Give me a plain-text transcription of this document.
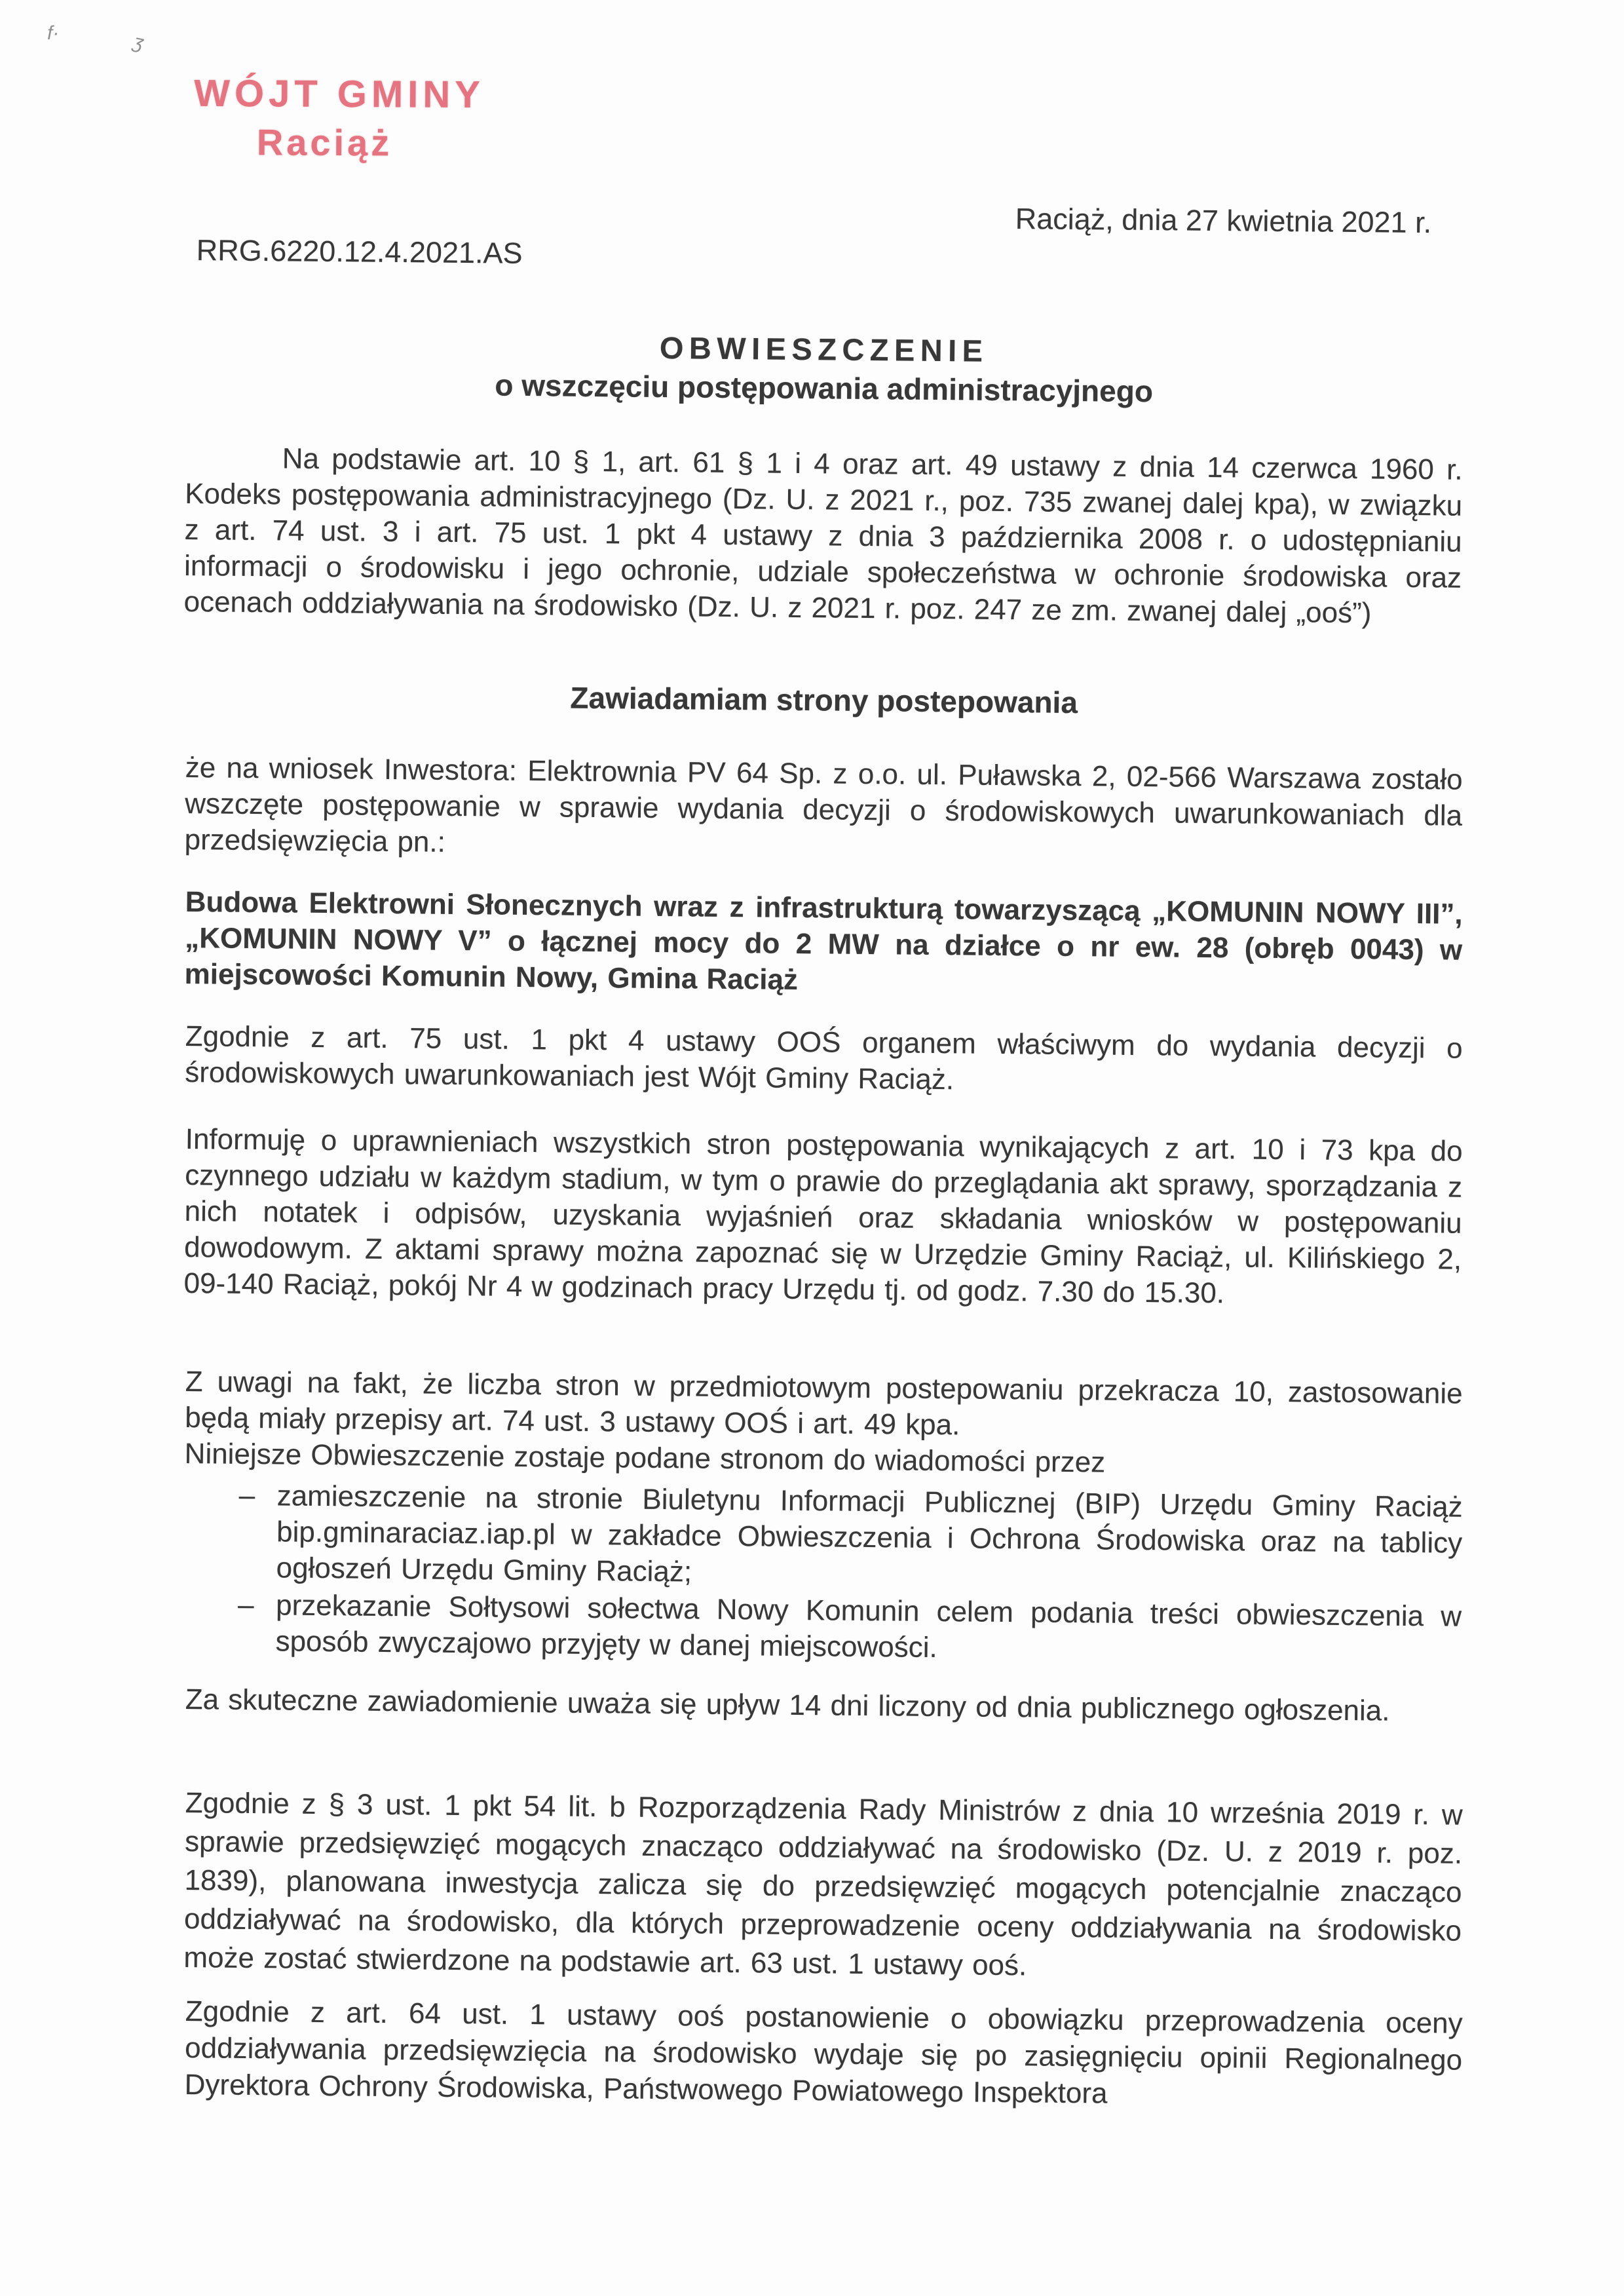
f·	ʒ
WÓJT GMINY
Raciąż
Raciąż, dnia 27 kwietnia 2021 r.
RRG.6220.12.4.2021.AS
OBWIESZCZENIE
o wszczęciu postępowania administracyjnego
Na podstawie art. 10 § 1, art. 61 § 1 i 4 oraz art. 49 ustawy z dnia 14 czerwca 1960 r. Kodeks postępowania administracyjnego (Dz. U. z 2021 r., poz. 735 zwanej dalej kpa), w związku z art. 74 ust. 3 i art. 75 ust. 1 pkt 4 ustawy z dnia 3 października 2008 r. o udostępnianiu informacji o środowisku i jego ochronie, udziale społeczeństwa w ochronie środowiska oraz ocenach oddziaływania na środowisko (Dz. U. z 2021 r. poz. 247 ze zm. zwanej dalej „ooś”)
Zawiadamiam strony postepowania
że na wniosek Inwestora: Elektrownia PV 64 Sp. z o.o. ul. Puławska 2, 02-566 Warszawa zostało wszczęte postępowanie w sprawie wydania decyzji o środowiskowych uwarunkowaniach dla przedsięwzięcia pn.:
Budowa Elektrowni Słonecznych wraz z infrastrukturą towarzyszącą „KOMUNIN NOWY III”, „KOMUNIN NOWY V” o łącznej mocy do 2 MW na działce o nr ew. 28 (obręb 0043) w miejscowości Komunin Nowy, Gmina Raciąż
Zgodnie z art. 75 ust. 1 pkt 4 ustawy OOŚ organem właściwym do wydania decyzji o środowiskowych uwarunkowaniach jest Wójt Gminy Raciąż.
Informuję o uprawnieniach wszystkich stron postępowania wynikających z art. 10 i 73 kpa do czynnego udziału w każdym stadium, w tym o prawie do przeglądania akt sprawy, sporządzania z nich notatek i odpisów, uzyskania wyjaśnień oraz składania wniosków w postępowaniu dowodowym. Z aktami sprawy można zapoznać się w Urzędzie Gminy Raciąż, ul. Kilińskiego 2, 09-140 Raciąż, pokój Nr 4 w godzinach pracy Urzędu tj. od godz. 7.30 do 15.30.
Z uwagi na fakt, że liczba stron w przedmiotowym postepowaniu przekracza 10, zastosowanie będą miały przepisy art. 74 ust. 3 ustawy OOŚ i art. 49 kpa.
Niniejsze Obwieszczenie zostaje podane stronom do wiadomości przez
– zamieszczenie na stronie Biuletynu Informacji Publicznej (BIP) Urzędu Gminy Raciąż bip.gminaraciaz.iap.pl w zakładce Obwieszczenia i Ochrona Środowiska oraz na tablicy ogłoszeń Urzędu Gminy Raciąż;
– przekazanie Sołtysowi sołectwa Nowy Komunin celem podania treści obwieszczenia w sposób zwyczajowo przyjęty w danej miejscowości.
Za skuteczne zawiadomienie uważa się upływ 14 dni liczony od dnia publicznego ogłoszenia.
Zgodnie z § 3 ust. 1 pkt 54 lit. b Rozporządzenia Rady Ministrów z dnia 10 września 2019 r. w sprawie przedsięwzięć mogących znacząco oddziaływać na środowisko (Dz. U. z 2019 r. poz. 1839), planowana inwestycja zalicza się do przedsięwzięć mogących potencjalnie znacząco oddziaływać na środowisko, dla których przeprowadzenie oceny oddziaływania na środowisko może zostać stwierdzone na podstawie art. 63 ust. 1 ustawy ooś.
Zgodnie z art. 64 ust. 1 ustawy ooś postanowienie o obowiązku przeprowadzenia oceny oddziaływania przedsięwzięcia na środowisko wydaje się po zasięgnięciu opinii Regionalnego Dyrektora Ochrony Środowiska, Państwowego Powiatowego Inspektora
